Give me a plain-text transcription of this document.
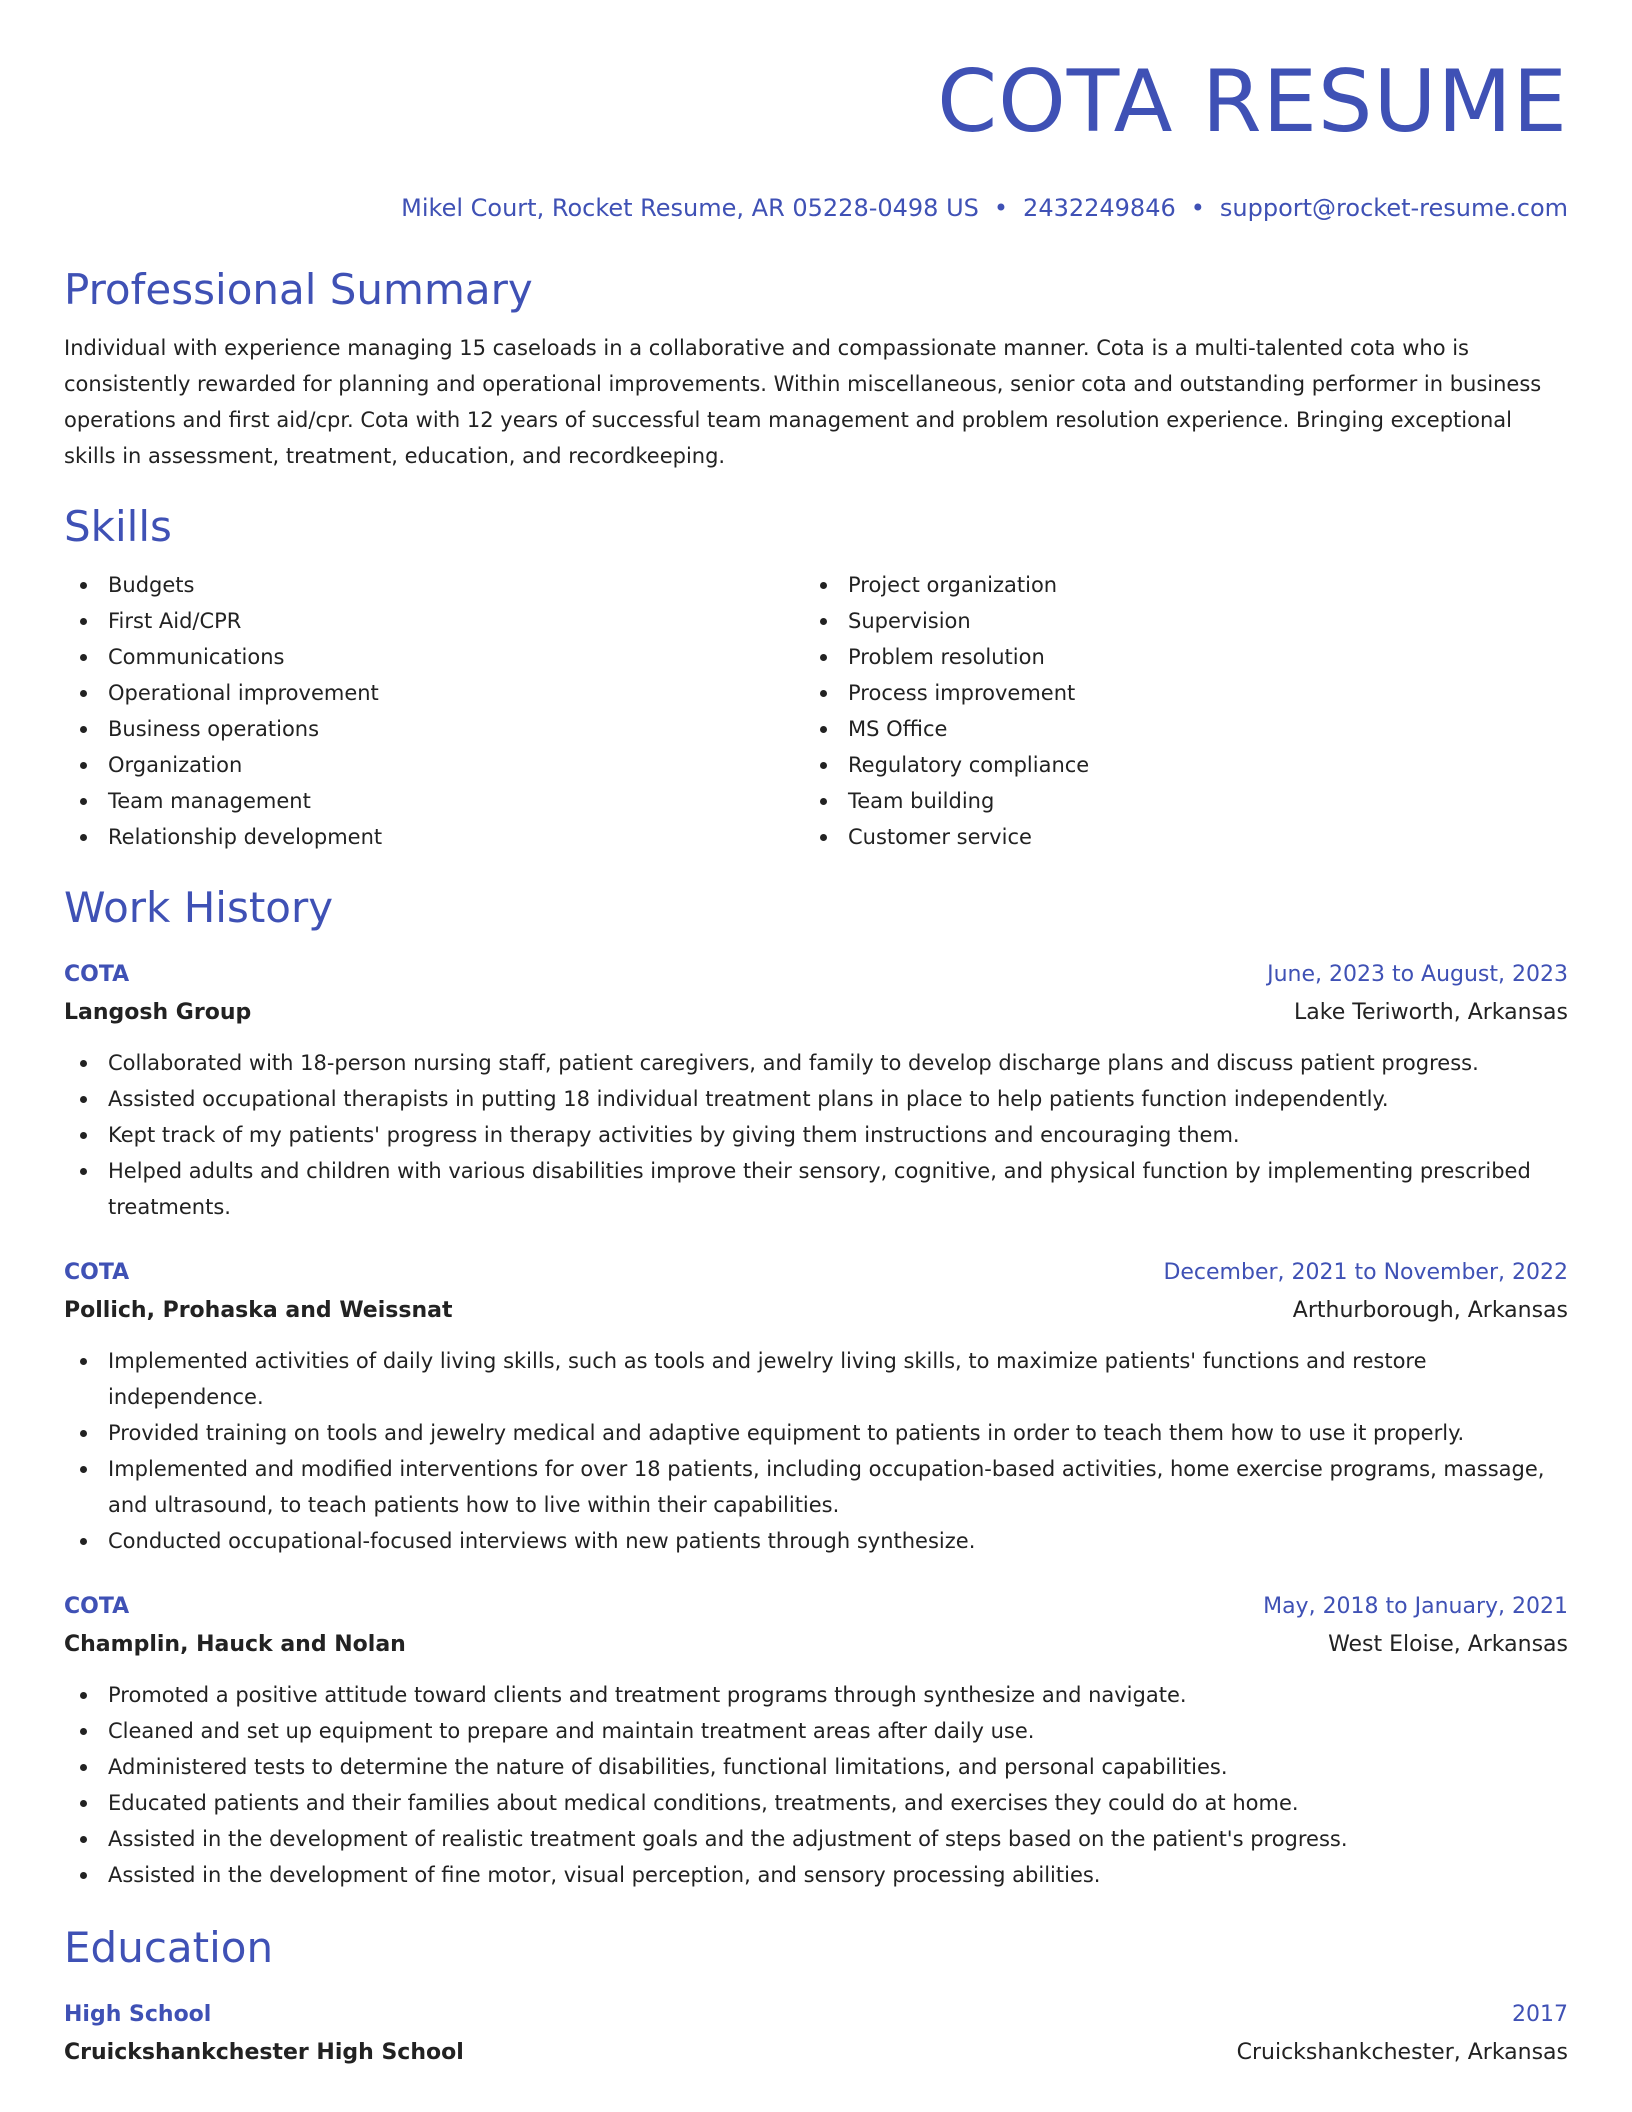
COTA RESUME
Mikel Court, Rocket Resume, AR 05228-0498 US • 2432249846 • support@rocket-resume.com
Professional Summary

Individual with experience managing 15 caseloads in a collaborative and compassionate manner. Cota is a multi-talented cota who is consistently rewarded for planning and operational improvements. Within miscellaneous, senior cota and outstanding performer in business operations and first aid/cpr. Cota with 12 years of successful team management and problem resolution experience. Bringing exceptional skills in assessment, treatment, education, and recordkeeping.

Skills
Budgets
First Aid/CPR
Communications
Operational improvement
Business operations
Organization
Team management
Relationship development
Project organization
Supervision
Problem resolution
Process improvement
MS Office
Regulatory compliance
Team building
Customer service
Work History
COTA	June, 2023 to August, 2023
Langosh Group	Lake Teriworth, Arkansas
Collaborated with 18-person nursing staff, patient caregivers, and family to develop discharge plans and discuss patient progress.
Assisted occupational therapists in putting 18 individual treatment plans in place to help patients function independently.
Kept track of my patients' progress in therapy activities by giving them instructions and encouraging them.
Helped adults and children with various disabilities improve their sensory, cognitive, and physical function by implementing prescribed treatments.
COTA	December, 2021 to November, 2022
Pollich, Prohaska and Weissnat	Arthurborough, Arkansas
Implemented activities of daily living skills, such as tools and jewelry living skills, to maximize patients' functions and restore independence.
Provided training on tools and jewelry medical and adaptive equipment to patients in order to teach them how to use it properly.
Implemented and modified interventions for over 18 patients, including occupation-based activities, home exercise programs, massage, and ultrasound, to teach patients how to live within their capabilities.
Conducted occupational-focused interviews with new patients through synthesize.
COTA	May, 2018 to January, 2021
Champlin, Hauck and Nolan	West Eloise, Arkansas
Promoted a positive attitude toward clients and treatment programs through synthesize and navigate.
Cleaned and set up equipment to prepare and maintain treatment areas after daily use.
Administered tests to determine the nature of disabilities, functional limitations, and personal capabilities.
Educated patients and their families about medical conditions, treatments, and exercises they could do at home.
Assisted in the development of realistic treatment goals and the adjustment of steps based on the patient's progress.
Assisted in the development of fine motor, visual perception, and sensory processing abilities.
Education
High School	2017
Cruickshankchester High School	Cruickshankchester, Arkansas
